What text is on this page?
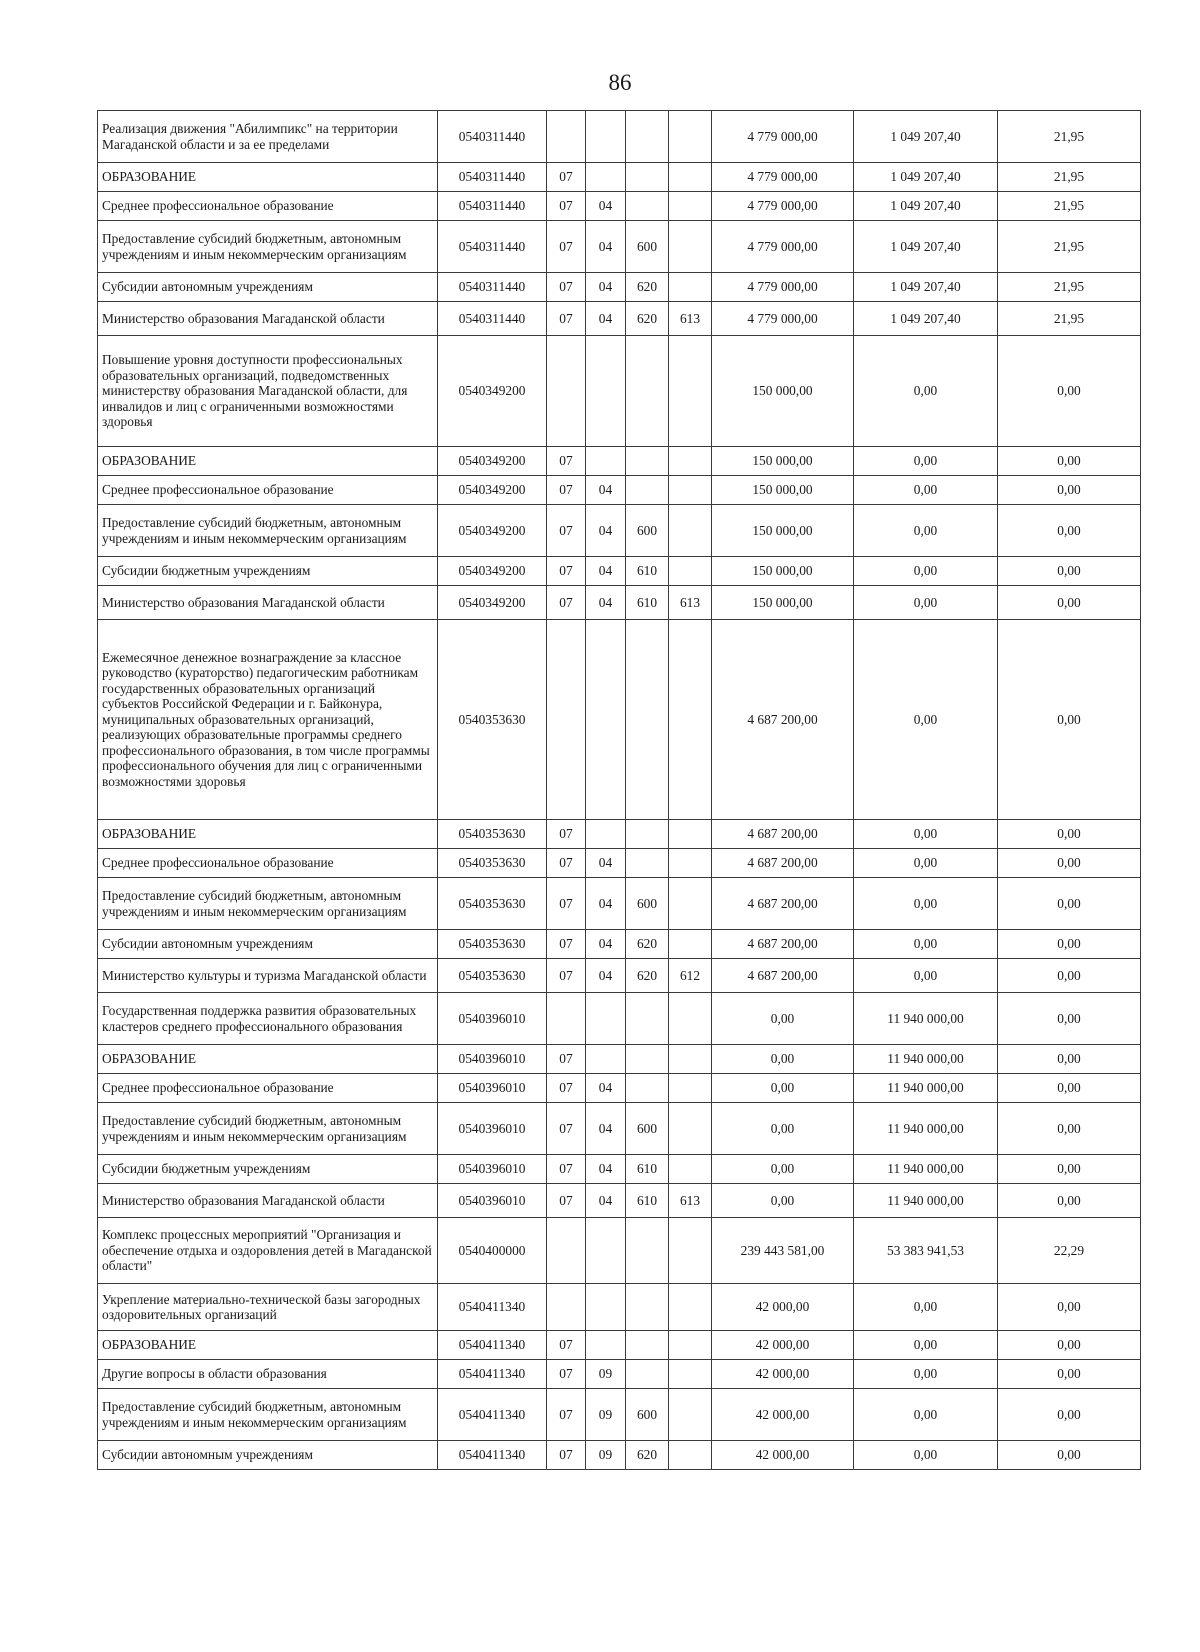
86
Реализация движения "Абилимпикс" на территории Магаданской области и за ее пределами	0540311440					4 779 000,00	1 049 207,40	21,95
ОБРАЗОВАНИЕ	0540311440	07				4 779 000,00	1 049 207,40	21,95
Среднее профессиональное образование	0540311440	07	04			4 779 000,00	1 049 207,40	21,95
Предоставление субсидий бюджетным, автономным учреждениям и иным некоммерческим организациям	0540311440	07	04	600		4 779 000,00	1 049 207,40	21,95
Субсидии автономным учреждениям	0540311440	07	04	620		4 779 000,00	1 049 207,40	21,95
Министерство образования Магаданской области	0540311440	07	04	620	613	4 779 000,00	1 049 207,40	21,95
Повышение уровня доступности профессиональных образовательных организаций, подведомственных министерству образования Магаданской области, для инвалидов и лиц с ограниченными возможностями здоровья	0540349200					150 000,00	0,00	0,00
ОБРАЗОВАНИЕ	0540349200	07				150 000,00	0,00	0,00
Среднее профессиональное образование	0540349200	07	04			150 000,00	0,00	0,00
Предоставление субсидий бюджетным, автономным учреждениям и иным некоммерческим организациям	0540349200	07	04	600		150 000,00	0,00	0,00
Субсидии бюджетным учреждениям	0540349200	07	04	610		150 000,00	0,00	0,00
Министерство образования Магаданской области	0540349200	07	04	610	613	150 000,00	0,00	0,00
Ежемесячное денежное вознаграждение за классное руководство (кураторство) педагогическим работникам государственных образовательных организаций субъектов Российской Федерации и г. Байконура, муниципальных образовательных организаций, реализующих образовательные программы среднего профессионального образования, в том числе программы профессионального обучения для лиц с ограниченными возможностями здоровья	0540353630					4 687 200,00	0,00	0,00
ОБРАЗОВАНИЕ	0540353630	07				4 687 200,00	0,00	0,00
Среднее профессиональное образование	0540353630	07	04			4 687 200,00	0,00	0,00
Предоставление субсидий бюджетным, автономным учреждениям и иным некоммерческим организациям	0540353630	07	04	600		4 687 200,00	0,00	0,00
Субсидии автономным учреждениям	0540353630	07	04	620		4 687 200,00	0,00	0,00
Министерство культуры и туризма Магаданской области	0540353630	07	04	620	612	4 687 200,00	0,00	0,00
Государственная поддержка развития образовательных кластеров среднего профессионального образования	0540396010					0,00	11 940 000,00	0,00
ОБРАЗОВАНИЕ	0540396010	07				0,00	11 940 000,00	0,00
Среднее профессиональное образование	0540396010	07	04			0,00	11 940 000,00	0,00
Предоставление субсидий бюджетным, автономным учреждениям и иным некоммерческим организациям	0540396010	07	04	600		0,00	11 940 000,00	0,00
Субсидии бюджетным учреждениям	0540396010	07	04	610		0,00	11 940 000,00	0,00
Министерство образования Магаданской области	0540396010	07	04	610	613	0,00	11 940 000,00	0,00
Комплекс процессных мероприятий "Организация и обеспечение отдыха и оздоровления детей в Магаданской области"	0540400000					239 443 581,00	53 383 941,53	22,29
Укрепление материально-технической базы загородных оздоровительных организаций	0540411340					42 000,00	0,00	0,00
ОБРАЗОВАНИЕ	0540411340	07				42 000,00	0,00	0,00
Другие вопросы в области образования	0540411340	07	09			42 000,00	0,00	0,00
Предоставление субсидий бюджетным, автономным учреждениям и иным некоммерческим организациям	0540411340	07	09	600		42 000,00	0,00	0,00
Субсидии автономным учреждениям	0540411340	07	09	620		42 000,00	0,00	0,00
